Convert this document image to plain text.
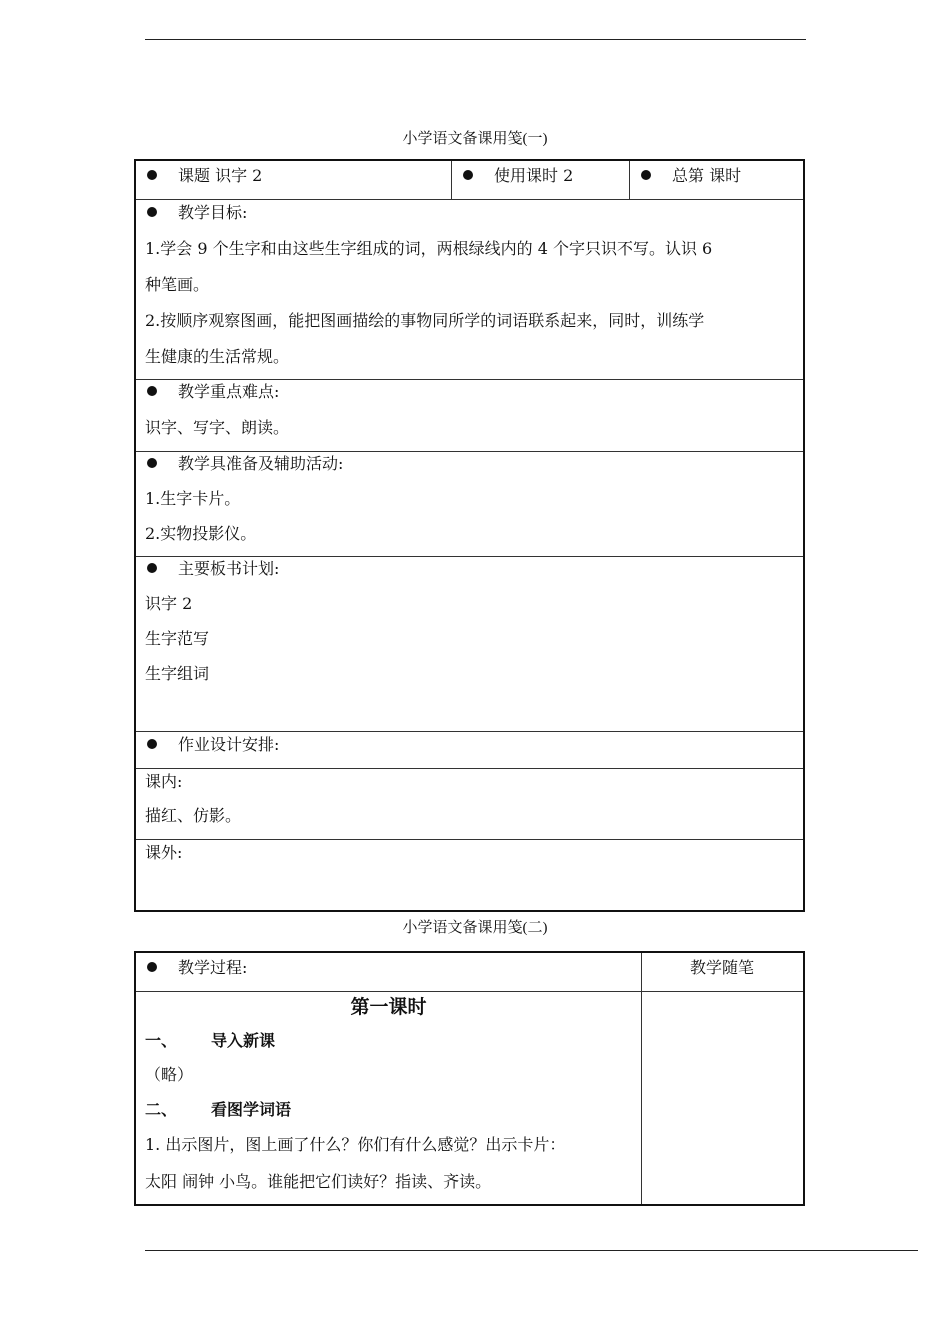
小学语文备课用笺(一)
课题 识字 2	使用课时 2	总第 课时
教学目标:
1.学会 9 个生字和由这些生字组成的词，两根绿线内的 4 个字只识不写。认识 6
种笔画。
2.按顺序观察图画，能把图画描绘的事物同所学的词语联系起来，同时，训练学
生健康的生活常规。
教学重点难点:
识字、写字、朗读。
教学具准备及辅助活动:
1.生字卡片。
2.实物投影仪。
主要板书计划:
识字 2
生字范写
生字组词
作业设计安排:
课内:
描红、仿影。
课外:
小学语文备课用笺(二)
教学过程:	教学随笔
第一课时
一、 导入新课
（略）
二、 看图学词语
1. 出示图片，图上画了什么？你们有什么感觉？出示卡片：
太阳 闹钟 小鸟。谁能把它们读好？指读、齐读。
